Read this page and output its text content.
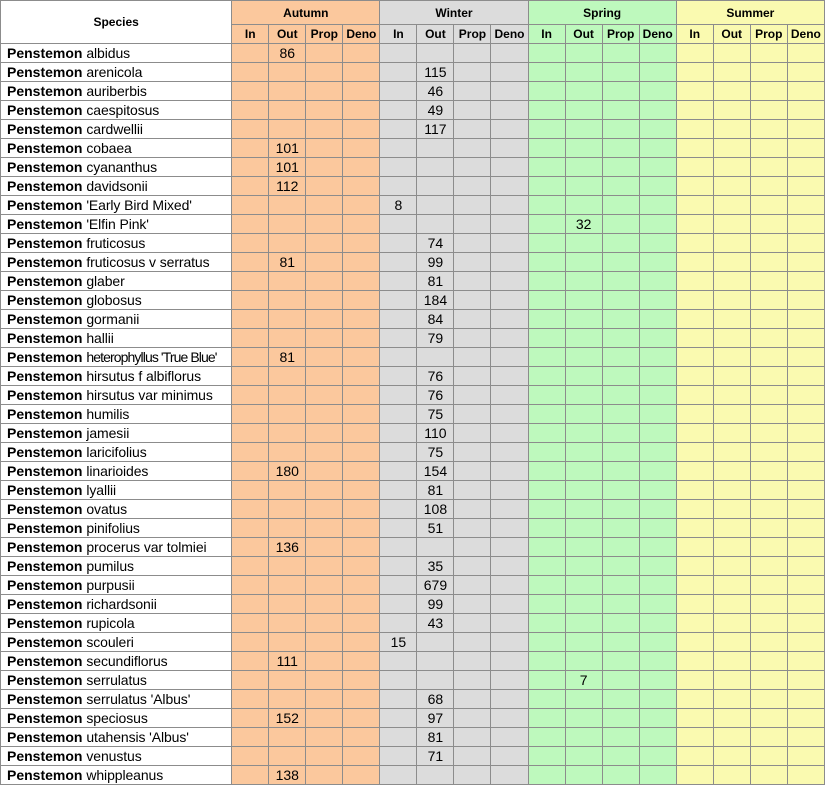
Species	Autumn				Winter				Spring				Summer			
	In	Out	Prop	Deno	In	Out	Prop	Deno	In	Out	Prop	Deno	In	Out	Prop	Deno
Penstemon albidus		86														
Penstemon arenicola						115										
Penstemon auriberbis						46										
Penstemon caespitosus						49										
Penstemon cardwellii						117										
Penstemon cobaea		101														
Penstemon cyananthus		101														
Penstemon davidsonii		112														
Penstemon 'Early Bird Mixed'					8											
Penstemon 'Elfin Pink'										32						
Penstemon fruticosus						74										
Penstemon fruticosus v serratus		81				99										
Penstemon glaber						81										
Penstemon globosus						184										
Penstemon gormanii						84										
Penstemon hallii						79										
Penstemon heterophyllus 'True Blue'		81														
Penstemon hirsutus f albiflorus						76										
Penstemon hirsutus var minimus						76										
Penstemon humilis						75										
Penstemon jamesii						110										
Penstemon laricifolius						75										
Penstemon linarioides		180				154										
Penstemon lyallii						81										
Penstemon ovatus						108										
Penstemon pinifolius						51										
Penstemon procerus var tolmiei		136														
Penstemon pumilus						35										
Penstemon purpusii						679										
Penstemon richardsonii						99										
Penstemon rupicola						43										
Penstemon scouleri					15											
Penstemon secundiflorus		111														
Penstemon serrulatus										7						
Penstemon serrulatus 'Albus'						68										
Penstemon speciosus		152				97										
Penstemon utahensis 'Albus'						81										
Penstemon venustus						71										
Penstemon whippleanus		138														
